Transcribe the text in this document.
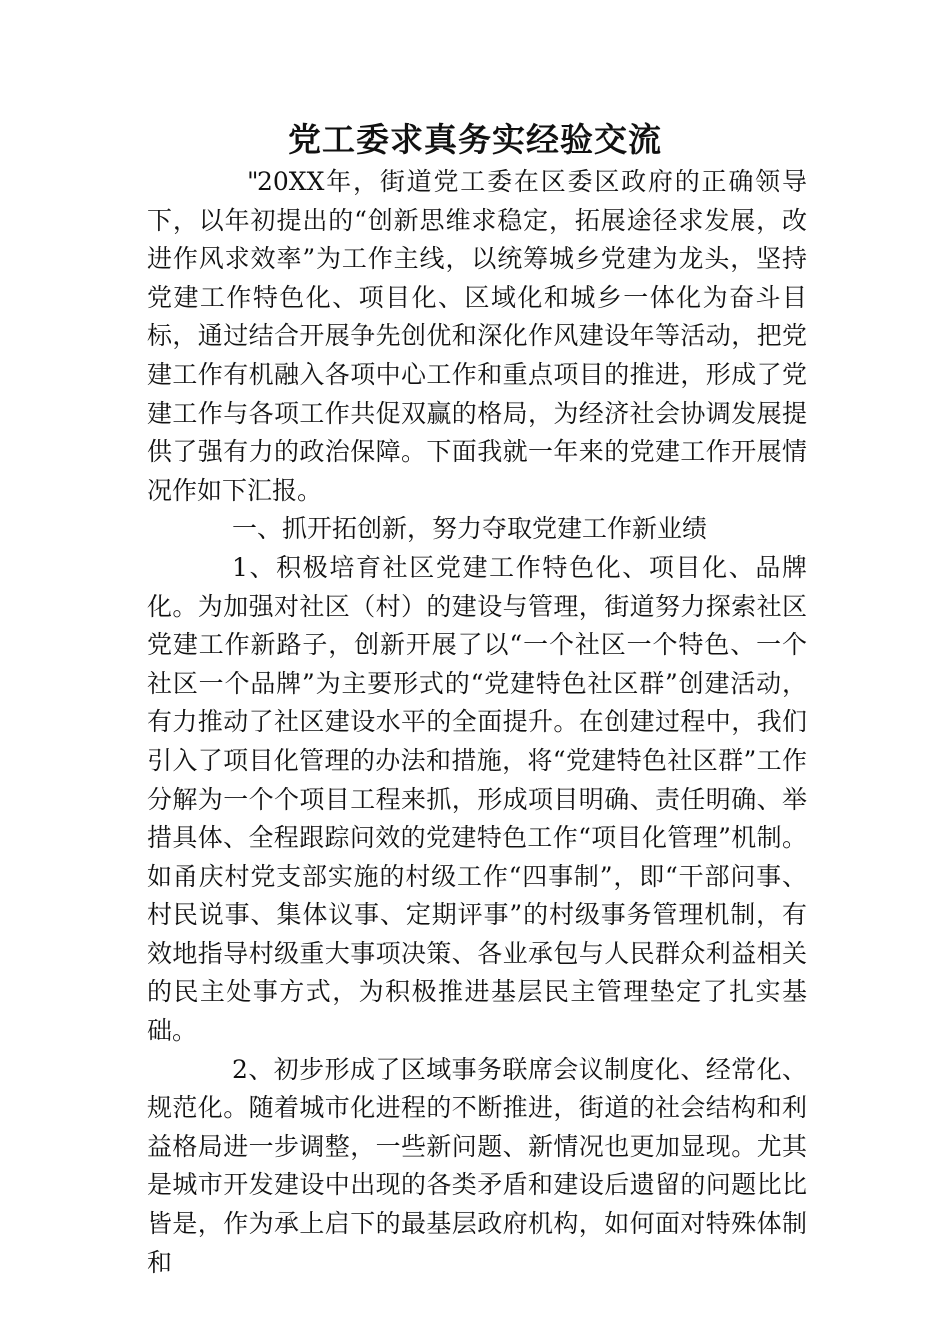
党工委求真务实经验交流

"20XX年，街道党工委在区委区政府的正确领导下，以年初提出的“创新思维求稳定，拓展途径求发展，改进作风求效率”为工作主线，以统筹城乡党建为龙头，坚持党建工作特色化、项目化、区域化和城乡一体化为奋斗目标，通过结合开展争先创优和深化作风建设年等活动，把党建工作有机融入各项中心工作和重点项目的推进，形成了党建工作与各项工作共促双赢的格局，为经济社会协调发展提供了强有力的政治保障。下面我就一年来的党建工作开展情况作如下汇报。

一、抓开拓创新，努力夺取党建工作新业绩

1、积极培育社区党建工作特色化、项目化、品牌化。为加强对社区（村）的建设与管理，街道努力探索社区党建工作新路子，创新开展了以“一个社区一个特色、一个社区一个品牌”为主要形式的“党建特色社区群”创建活动，有力推动了社区建设水平的全面提升。在创建过程中，我们引入了项目化管理的办法和措施，将“党建特色社区群”工作分解为一个个项目工程来抓，形成项目明确、责任明确、举措具体、全程跟踪问效的党建特色工作“项目化管理”机制。如甬庆村党支部实施的村级工作“四事制”，即“干部问事、村民说事、集体议事、定期评事”的村级事务管理机制，有效地指导村级重大事项决策、各业承包与人民群众利益相关的民主处事方式，为积极推进基层民主管理垫定了扎实基础。

2、初步形成了区域事务联席会议制度化、经常化、规范化。随着城市化进程的不断推进，街道的社会结构和利益格局进一步调整，一些新问题、新情况也更加显现。尤其是城市开发建设中出现的各类矛盾和建设后遗留的问题比比皆是，作为承上启下的最基层政府机构，如何面对特殊体制和
